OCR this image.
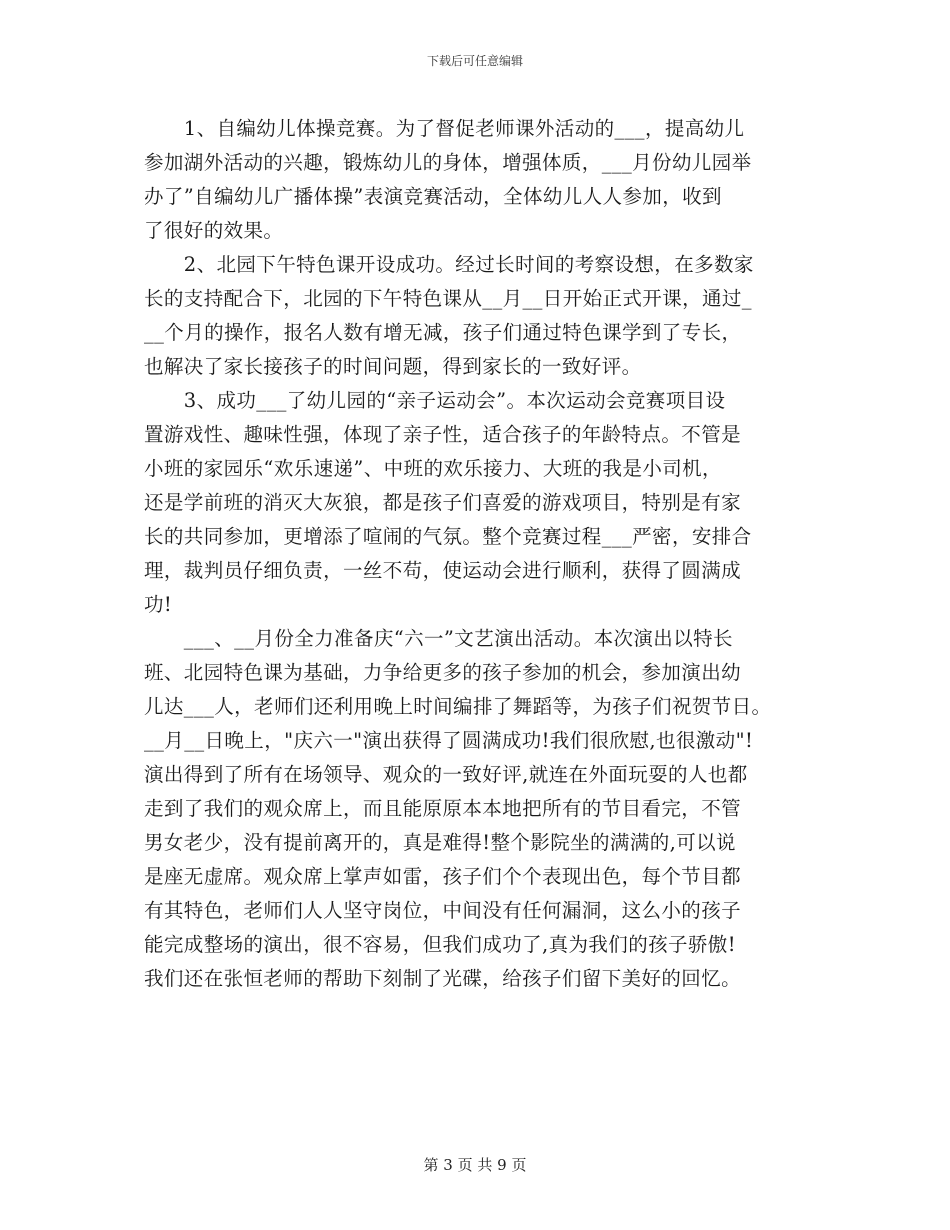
下载后可任意编辑
　　1、自编幼儿体操竞赛。为了督促老师课外活动的___，提高幼儿
参加湖外活动的兴趣，锻炼幼儿的身体，增强体质，___月份幼儿园举
办了”自编幼儿广播体操”表演竞赛活动，全体幼儿人人参加，收到
了很好的效果。
　　2、北园下午特色课开设成功。经过长时间的考察设想，在多数家
长的支持配合下，北园的下午特色课从__月__日开始正式开课，通过_
__个月的操作，报名人数有增无减，孩子们通过特色课学到了专长，
也解决了家长接孩子的时间问题，得到家长的一致好评。
　　3、成功___了幼儿园的“亲子运动会”。本次运动会竞赛项目设
置游戏性、趣味性强，体现了亲子性，适合孩子的年龄特点。不管是
小班的家园乐“欢乐速递”、中班的欢乐接力、大班的我是小司机，
还是学前班的消灭大灰狼，都是孩子们喜爱的游戏项目，特别是有家
长的共同参加，更增添了喧闹的气氛。整个竞赛过程___严密，安排合
理，裁判员仔细负责，一丝不苟，使运动会进行顺利，获得了圆满成
功!
　　___、__月份全力准备庆“六一”文艺演出活动。本次演出以特长
班、北园特色课为基础，力争给更多的孩子参加的机会，参加演出幼
儿达___人，老师们还利用晚上时间编排了舞蹈等，为孩子们祝贺节日。
__月__日晚上，"庆六一"演出获得了圆满成功!我们很欣慰,也很激动"!
演出得到了所有在场领导、观众的一致好评,就连在外面玩耍的人也都
走到了我们的观众席上，而且能原原本本地把所有的节目看完，不管
男女老少，没有提前离开的，真是难得!整个影院坐的满满的,可以说
是座无虚席。观众席上掌声如雷，孩子们个个表现出色，每个节目都
有其特色，老师们人人坚守岗位，中间没有任何漏洞，这么小的孩子
能完成整场的演出，很不容易，但我们成功了,真为我们的孩子骄傲!
我们还在张恒老师的帮助下刻制了光碟，给孩子们留下美好的回忆。
第 3 页 共 9 页
